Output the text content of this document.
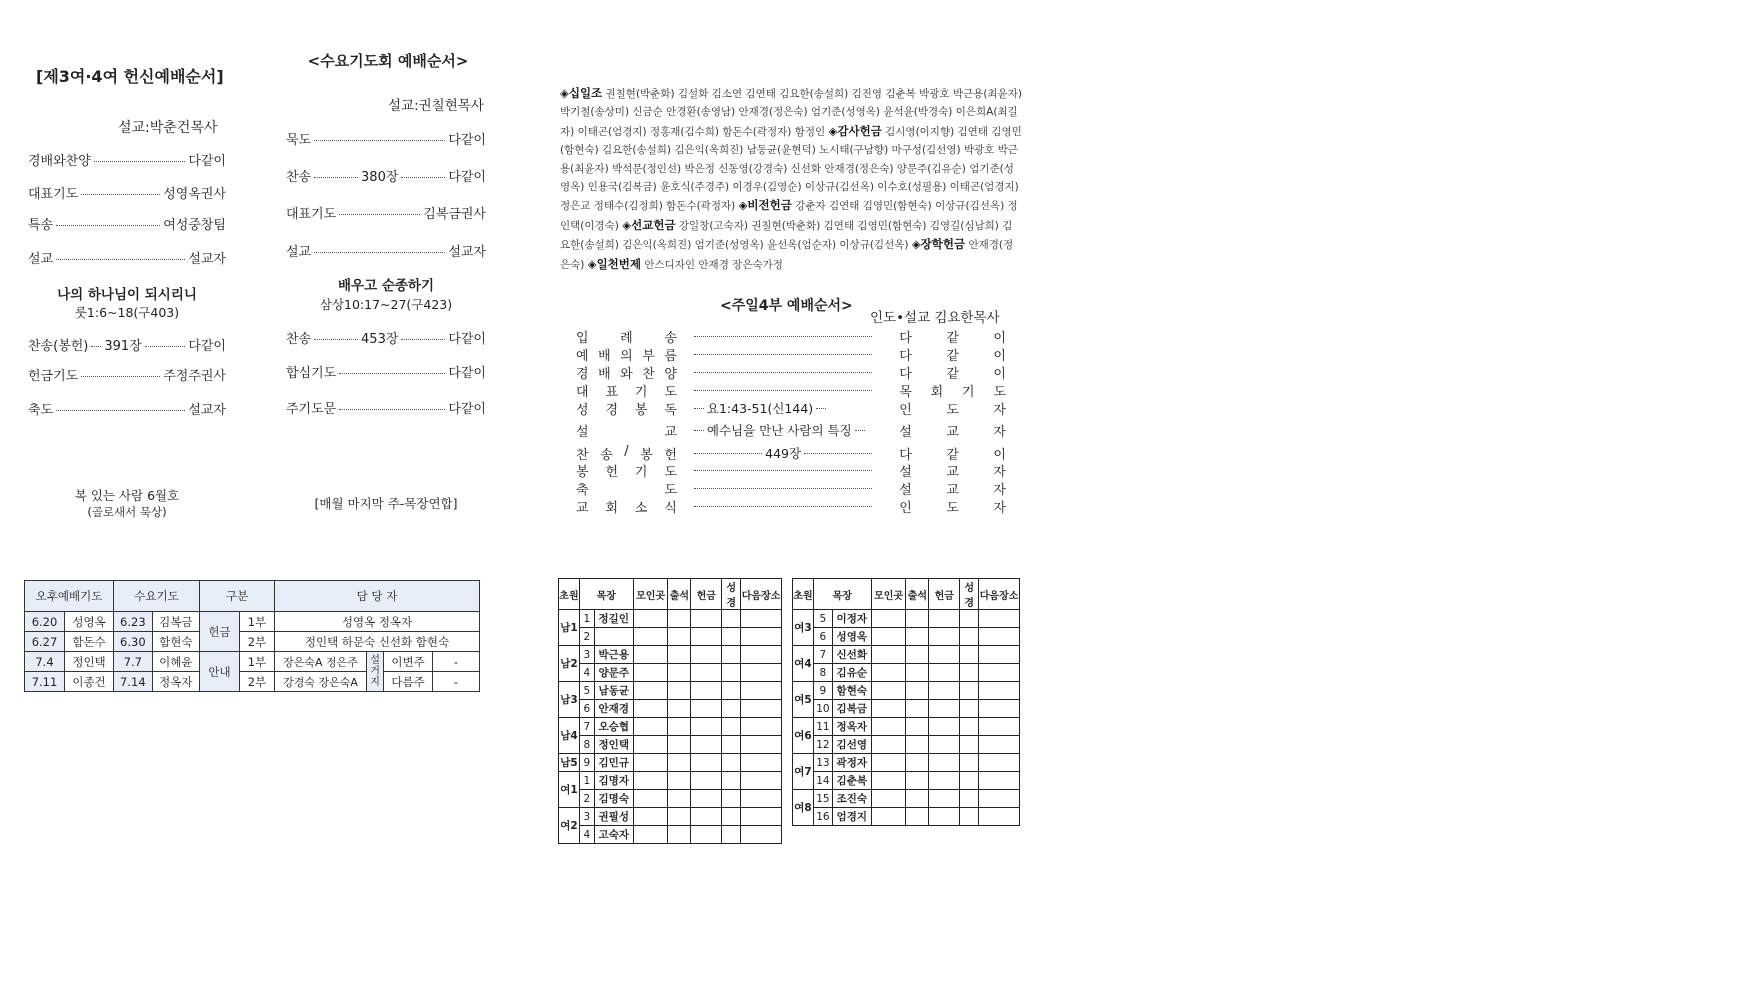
[제3여·4여 헌신예배순서]
설교:박춘건목사
경배와찬양	다같이
대표기도	성영옥권사
특송	여성중창팀
설교	설교자
나의 하나님이 되시리니
룻1:6~18(구403)
찬송(봉헌) 391장	다같이
헌금기도	주정주권사
축도	설교자
복 있는 사람 6월호
(골로새서 묵상)
<수요기도회 예배순서>
설교:권칠현목사
묵도	다같이
찬송	380장	다같이
대표기도	김복금권사
설교	설교자
배우고 순종하기
삼상10:17~27(구423)
찬송	453장	다같이
합심기도	다같이
주기도문	다같이
[매월 마지막 주-목장연합]
◈십일조 권칠현(박춘화) 김설화 김소연 김연태 김요한(송설희) 김진영 김춘복 박광호 박근용(최윤자) 박기철(송상미) 신금순 안경환(송영남) 안재경(정은숙) 엄기준(성영옥) 윤석윤(박경숙) 이은희A(최길자) 이태곤(엄경지) 정홍재(김수희) 함돈수(곽정자) 함정인 ◈감사헌금 김시영(이지향) 김연태 김영민(함현숙) 김요한(송설희) 김은익(옥희진) 남동균(윤현덕) 노시태(구남향) 마구성(김선영) 박광호 박근용(최윤자) 박석문(정인선) 박은정 신동영(강경숙) 신선화 안재경(정은숙) 양문주(김유순) 엄기준(성영옥) 인용국(김복금) 윤호식(주경주) 이경우(김영순) 이상규(김선옥) 이수호(성필용) 이태곤(엄경지) 정은교 정태수(김정희) 함돈수(곽정자) ◈비전헌금 강춘자 김연태 김영민(함현숙) 이상규(김선옥) 정인택(이경숙) ◈선교헌금 강일창(고숙자) 권칠현(박춘화) 김연태 김영민(함현숙) 김영길(심남희) 김요한(송설희) 김은익(옥희진) 엄기준(성영옥) 윤선옥(엄순자) 이상규(김선옥) ◈장학헌금 안재경(정은숙) ◈일천번제 안스디자인 안재경 장은숙가정
<주일4부 예배순서>
인도•설교 김요한목사
입 례 송	다	같	이
예 배 의 부 름	다	같	이
경 배 와 찬 양	다	같	이
대 표 기 도	목 회 기 도
성 경 봉 독 요1:43-51(신144)	인	도	자
설	교 예수님을 만난 사람의 특징	설	교	자
찬 송 / 봉 헌	449장	다	같	이
봉 헌 기 도	설	교	자
축	도	설	교	자
교 회 소 식	인	도	자
오후예배기도		수요기도		구분		담 당 자			
6.20	성영옥	6.23	김복금	헌금	1부	성영옥 정옥자			
6.27	함돈수	6.30	함현숙		2부	정인택 하문숙 신선화 함현숙			
7.4	정인택	7.7	이혜윤	안내	1부	장은숙A 정은주	설거지	이변주	-
7.11	이종건	7.14	정옥자		2부	강경숙 장은숙A		다름주	-
초원	목장		모인곳	출석	헌금	성경	다음장소
남1	1	정길인					
	2						
남2	3	박근용					
	4	양문주					
남3	5	남동균					
	6	안재경					
남4	7	오승협					
	8	정인택					
남5	9	김민규					
여1	1	김명자					
	2	김명숙					
여2	3	권필성					
	4	고숙자					
초원	목장		모인곳	출석	헌금	성경	다음장소
여3	5	이정자					
	6	성영옥					
여4	7	신선화					
	8	김유순					
여5	9	함현숙					
	10	김복금					
여6	11	정옥자					
	12	김선영					
여7	13	곽정자					
	14	김춘복					
여8	15	조진숙					
	16	엄경지					
